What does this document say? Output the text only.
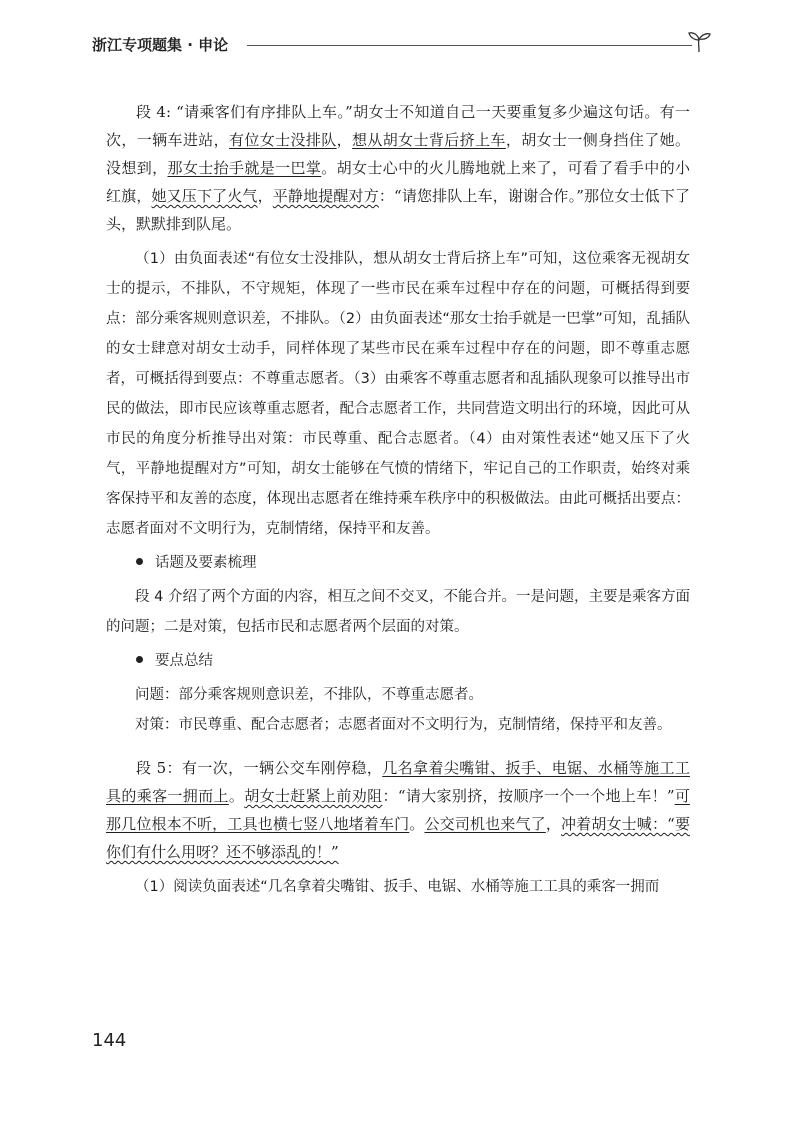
浙江专项题集 · 申论

段 4: “请乘客们有序排队上车。”胡女士不知道自己一天要重复多少遍这句话。有一次，一辆车进站，有位女士没排队，想从胡女士背后挤上车，胡女士一侧身挡住了她。没想到，那女士抬手就是一巴掌。胡女士心中的火儿腾地就上来了，可看了看手中的小红旗，她又压下了火气，平静地提醒对方：“请您排队上车，谢谢合作。”那位女士低下了头，默默排到队尾。

（1）由负面表述“有位女士没排队，想从胡女士背后挤上车”可知，这位乘客无视胡女士的提示，不排队，不守规矩，体现了一些市民在乘车过程中存在的问题，可概括得到要点：部分乘客规则意识差，不排队。（2）由负面表述“那女士抬手就是一巴掌”可知，乱插队的女士肆意对胡女士动手，同样体现了某些市民在乘车过程中存在的问题，即不尊重志愿者，可概括得到要点：不尊重志愿者。（3）由乘客不尊重志愿者和乱插队现象可以推导出市民的做法，即市民应该尊重志愿者，配合志愿者工作，共同营造文明出行的环境，因此可从市民的角度分析推导出对策：市民尊重、配合志愿者。（4）由对策性表述“她又压下了火气，平静地提醒对方”可知，胡女士能够在气愤的情绪下，牢记自己的工作职责，始终对乘客保持平和友善的态度，体现出志愿者在维持乘车秩序中的积极做法。由此可概括出要点：志愿者面对不文明行为，克制情绪，保持平和友善。

话题及要素梳理

段 4 介绍了两个方面的内容，相互之间不交叉，不能合并。一是问题，主要是乘客方面的问题；二是对策，包括市民和志愿者两个层面的对策。

要点总结

问题：部分乘客规则意识差，不排队，不尊重志愿者。

对策：市民尊重、配合志愿者；志愿者面对不文明行为，克制情绪，保持平和友善。

段 5：有一次，一辆公交车刚停稳，几名拿着尖嘴钳、扳手、电锯、水桶等施工工具的乘客一拥而上。胡女士赶紧上前劝阻：“请大家别挤，按顺序一个一个地上车！”可那几位根本不听，工具也横七竖八地堵着车门。公交司机也来气了，冲着胡女士喊：“要你们有什么用呀？还不够添乱的！”

（1）阅读负面表述“几名拿着尖嘴钳、扳手、电锯、水桶等施工工具的乘客一拥而

144
